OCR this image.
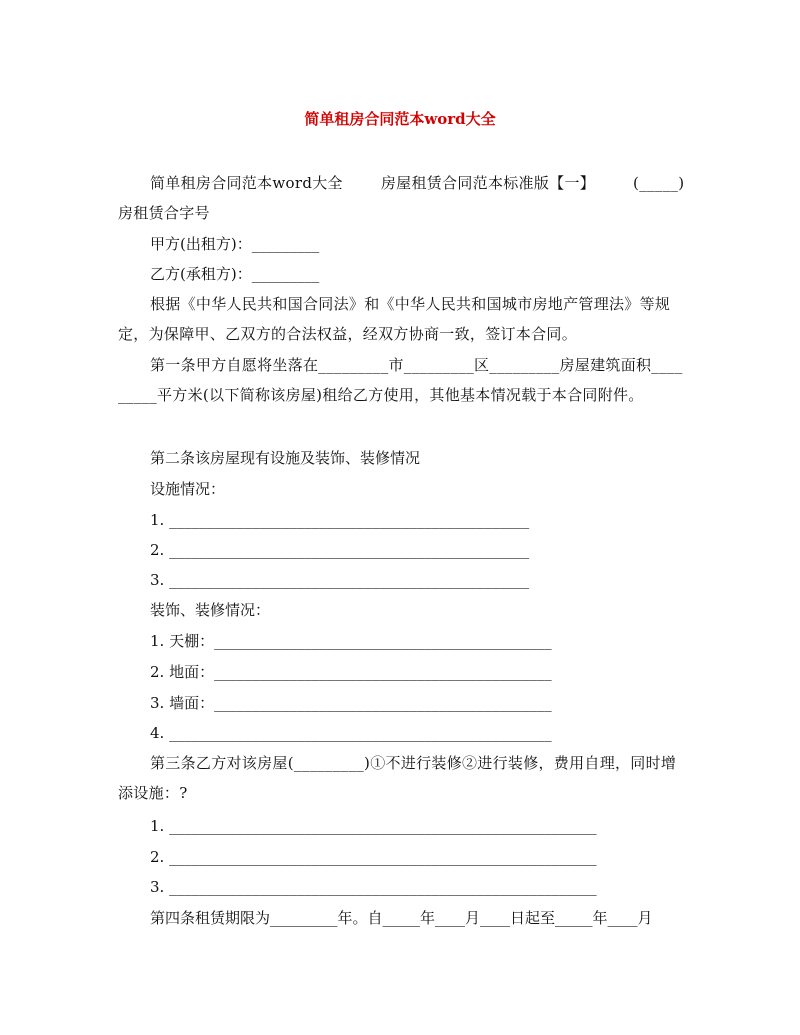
简单租房合同范本word大全
简单租房合同范本word大全	房屋租赁合同范本标准版【一】	(_____)
房租赁合字号
甲方(出租方)：_________
乙方(承租方)：_________
根据《中华人民共和国合同法》和《中华人民共和国城市房地产管理法》等规定，为保障甲、乙双方的合法权益，经双方协商一致，签订本合同。
第一条甲方自愿将坐落在_________市_________区_________房屋建筑面积_________平方米(以下简称该房屋)租给乙方使用，其他基本情况载于本合同附件。
第二条该房屋现有设施及装饰、装修情况
设施情况：
1. ________________________________________________
2. ________________________________________________
3. ________________________________________________
装饰、装修情况：
1. 天棚：_____________________________________________
2. 地面：_____________________________________________
3. 墙面：_____________________________________________
4. ___________________________________________________
第三条乙方对该房屋(_________)①不进行装修②进行装修，费用自理，同时增添设施：?
1. _________________________________________________________
2. _________________________________________________________
3. _________________________________________________________
第四条租赁期限为_________年。自_____年____月____日起至_____年____月
